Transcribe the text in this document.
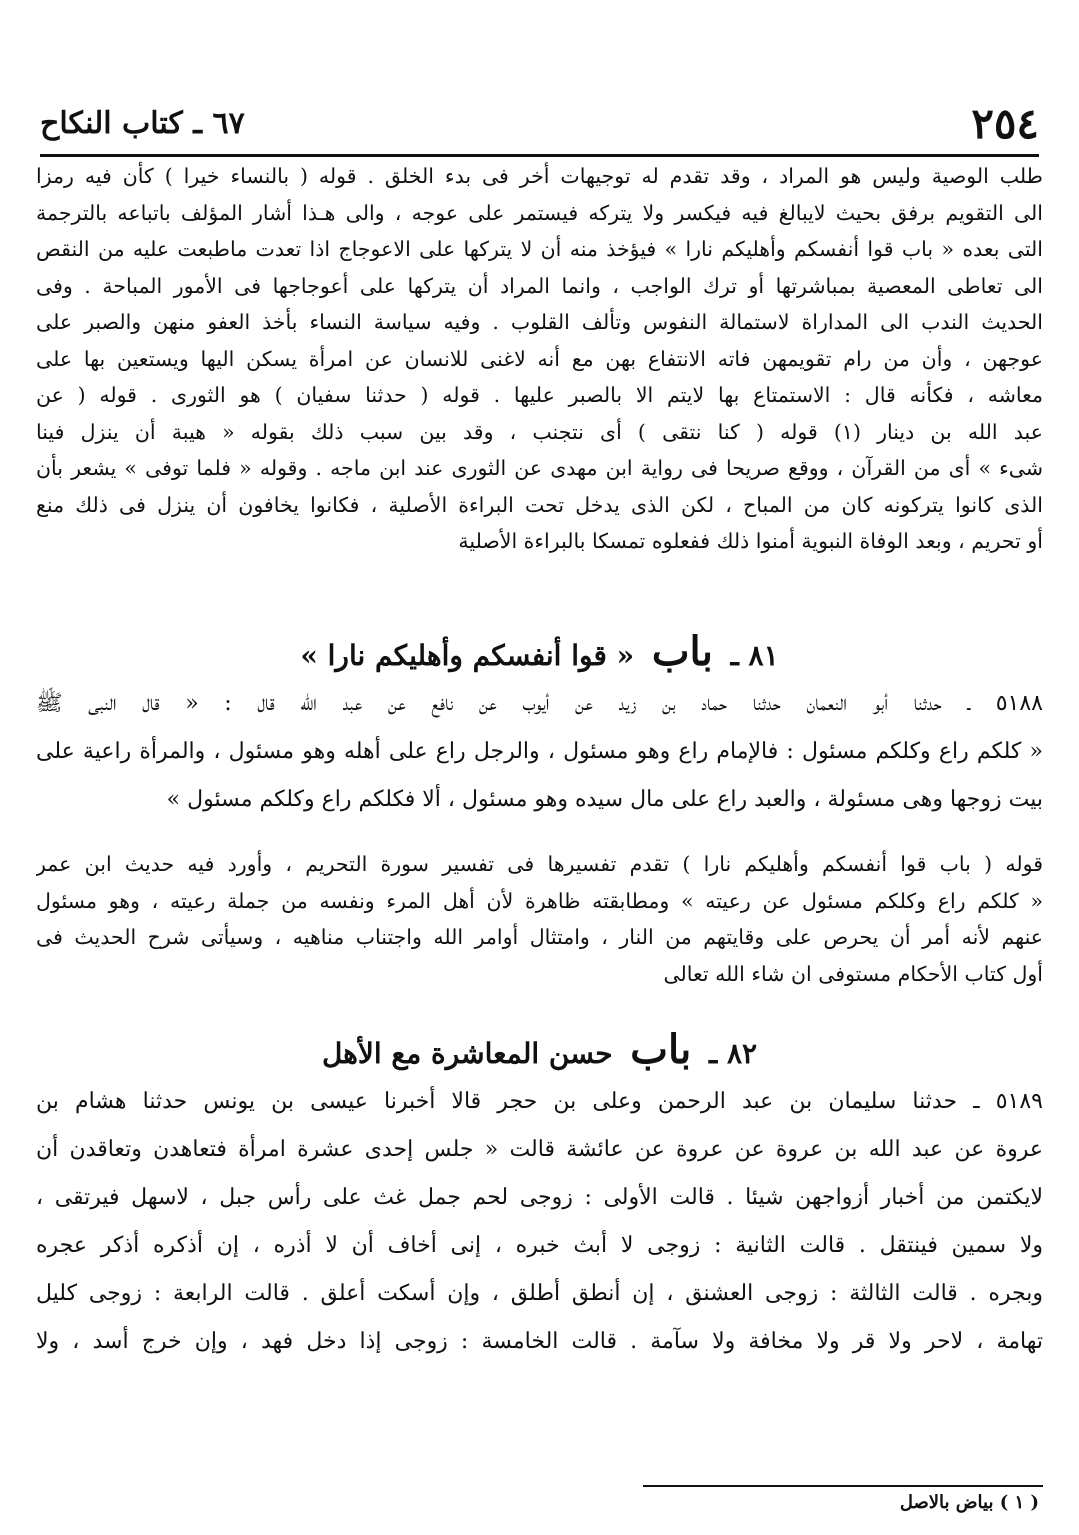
٢٥٤
٦٧ ـ كتاب النكاح
طلب الوصية وليس هو المراد ، وقد تقدم له توجيهات أخر فى بدء الخلق . قوله ( بالنساء خيرا ) كأن فيه رمزا
الى التقويم برفق بحيث لايبالغ فيه فيكسر ولا يتركه فيستمر على عوجه ، والى هـذا أشار المؤلف باتباعه بالترجمة
التى بعده « باب قوا أنفسكم وأهليكم نارا » فيؤخذ منه أن لا يتركها على الاعوجاج اذا تعدت ماطبعت عليه من النقص
الى تعاطى المعصية بمباشرتها أو ترك الواجب ، وانما المراد أن يتركها على أعوجاجها فى الأمور المباحة . وفى
الحديث الندب الى المداراة لاستمالة النفوس وتألف القلوب . وفيه سياسة النساء بأخذ العفو منهن والصبر على
عوجهن ، وأن من رام تقويمهن فاته الانتفاع بهن مع أنه لاغنى للانسان عن امرأة يسكن اليها ويستعين بها على
معاشه ، فكأنه قال : الاستمتاع بها لايتم الا بالصبر عليها . قوله ( حدثنا سفيان ) هو الثورى . قوله ( عن
عبد الله بن دينار (١) قوله ( كنا نتقى ) أى نتجنب ، وقد بين سبب ذلك بقوله « هيبة أن ينزل فينا
شىء » أى من القرآن ، ووقع صريحا فى رواية ابن مهدى عن الثورى عند ابن ماجه . وقوله « فلما توفى » يشعر بأن
الذى كانوا يتركونه كان من المباح ، لكن الذى يدخل تحت البراءة الأصلية ، فكانوا يخافون أن ينزل فى ذلك منع
أو تحريم ، وبعد الوفاة النبوية أمنوا ذلك ففعلوه تمسكا بالبراءة الأصلية
٨١ ـ باب « قوا أنفسكم وأهليكم نارا »
٥١٨٨ ـ حدثنا أبو النعمان حدثنا حماد بن زيد عن أيوب عن نافع عن عبد الله قال : « قال النبى ﷺ
« كلكم راع وكلكم مسئول : فالإمام راع وهو مسئول ، والرجل راع على أهله وهو مسئول ، والمرأة راعية على
بيت زوجها وهى مسئولة ، والعبد راع على مال سيده وهو مسئول ، ألا فكلكم راع وكلكم مسئول »
قوله ( باب قوا أنفسكم وأهليكم نارا ) تقدم تفسيرها فى تفسير سورة التحريم ، وأورد فيه حديث ابن عمر
« كلكم راع وكلكم مسئول عن رعيته » ومطابقته ظاهرة لأن أهل المرء ونفسه من جملة رعيته ، وهو مسئول
عنهم لأنه أمر أن يحرص على وقايتهم من النار ، وامتثال أوامر الله واجتناب مناهيه ، وسيأتى شرح الحديث فى
أول كتاب الأحكام مستوفى ان شاء الله تعالى
٨٢ ـ باب حسن المعاشرة مع الأهل
٥١٨٩ ـ حدثنا سليمان بن عبد الرحمن وعلى بن حجر قالا أخبرنا عيسى بن يونس حدثنا هشام بن
عروة عن عبد الله بن عروة عن عروة عن عائشة قالت « جلس إحدى عشرة امرأة فتعاهدن وتعاقدن أن
لايكتمن من أخبار أزواجهن شيئا . قالت الأولى : زوجى لحم جمل غث على رأس جبل ، لاسهل فيرتقى ،
ولا سمين فينتقل . قالت الثانية : زوجى لا أبث خبره ، إنى أخاف أن لا أذره ، إن أذكره أذكر عجره
وبجره . قالت الثالثة : زوجى العشنق ، إن أنطق أطلق ، وإن أسكت أعلق . قالت الرابعة : زوجى كليل
تهامة ، لاحر ولا قر ولا مخافة ولا سآمة . قالت الخامسة : زوجى إذا دخل فهد ، وإن خرج أسد ، ولا
( ١ ) بياض بالاصل
